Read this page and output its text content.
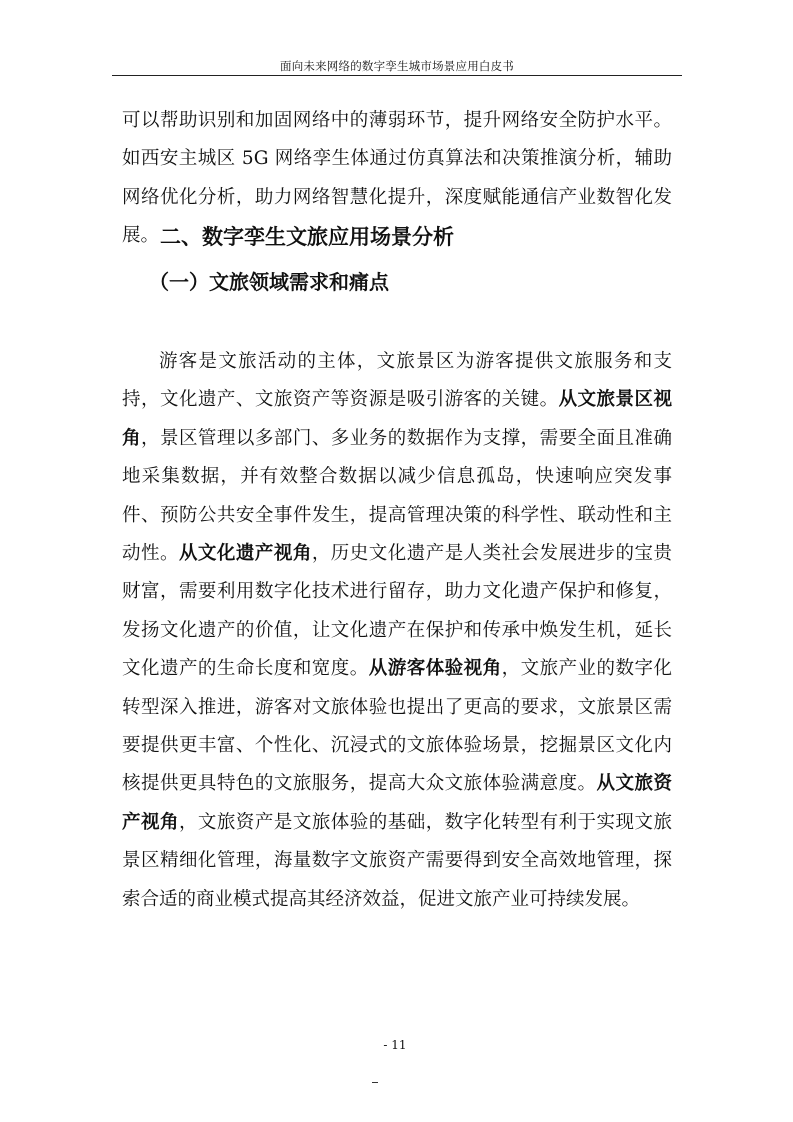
面向未来网络的数字孪生城市场景应用白皮书

可以帮助识别和加固网络中的薄弱环节，提升网络安全防护水平。如西安主城区 5G 网络孪生体通过仿真算法和决策推演分析，辅助网络优化分析，助力网络智慧化提升，深度赋能通信产业数智化发展。 二、数字孪生文旅应用场景分析
（一）文旅领域需求和痛点

游客是文旅活动的主体，文旅景区为游客提供文旅服务和支持，文化遗产、文旅资产等资源是吸引游客的关键。从文旅景区视角，景区管理以多部门、多业务的数据作为支撑，需要全面且准确地采集数据，并有效整合数据以减少信息孤岛，快速响应突发事件、预防公共安全事件发生，提高管理决策的科学性、联动性和主动性。从文化遗产视角，历史文化遗产是人类社会发展进步的宝贵财富，需要利用数字化技术进行留存，助力文化遗产保护和修复，发扬文化遗产的价值，让文化遗产在保护和传承中焕发生机，延长文化遗产的生命长度和宽度。从游客体验视角，文旅产业的数字化转型深入推进，游客对文旅体验也提出了更高的要求，文旅景区需要提供更丰富、个性化、沉浸式的文旅体验场景，挖掘景区文化内核提供更具特色的文旅服务，提高大众文旅体验满意度。从文旅资产视角，文旅资产是文旅体验的基础，数字化转型有利于实现文旅景区精细化管理，海量数字文旅资产需要得到安全高效地管理，探索合适的商业模式提高其经济效益，促进文旅产业可持续发展。

- 11
